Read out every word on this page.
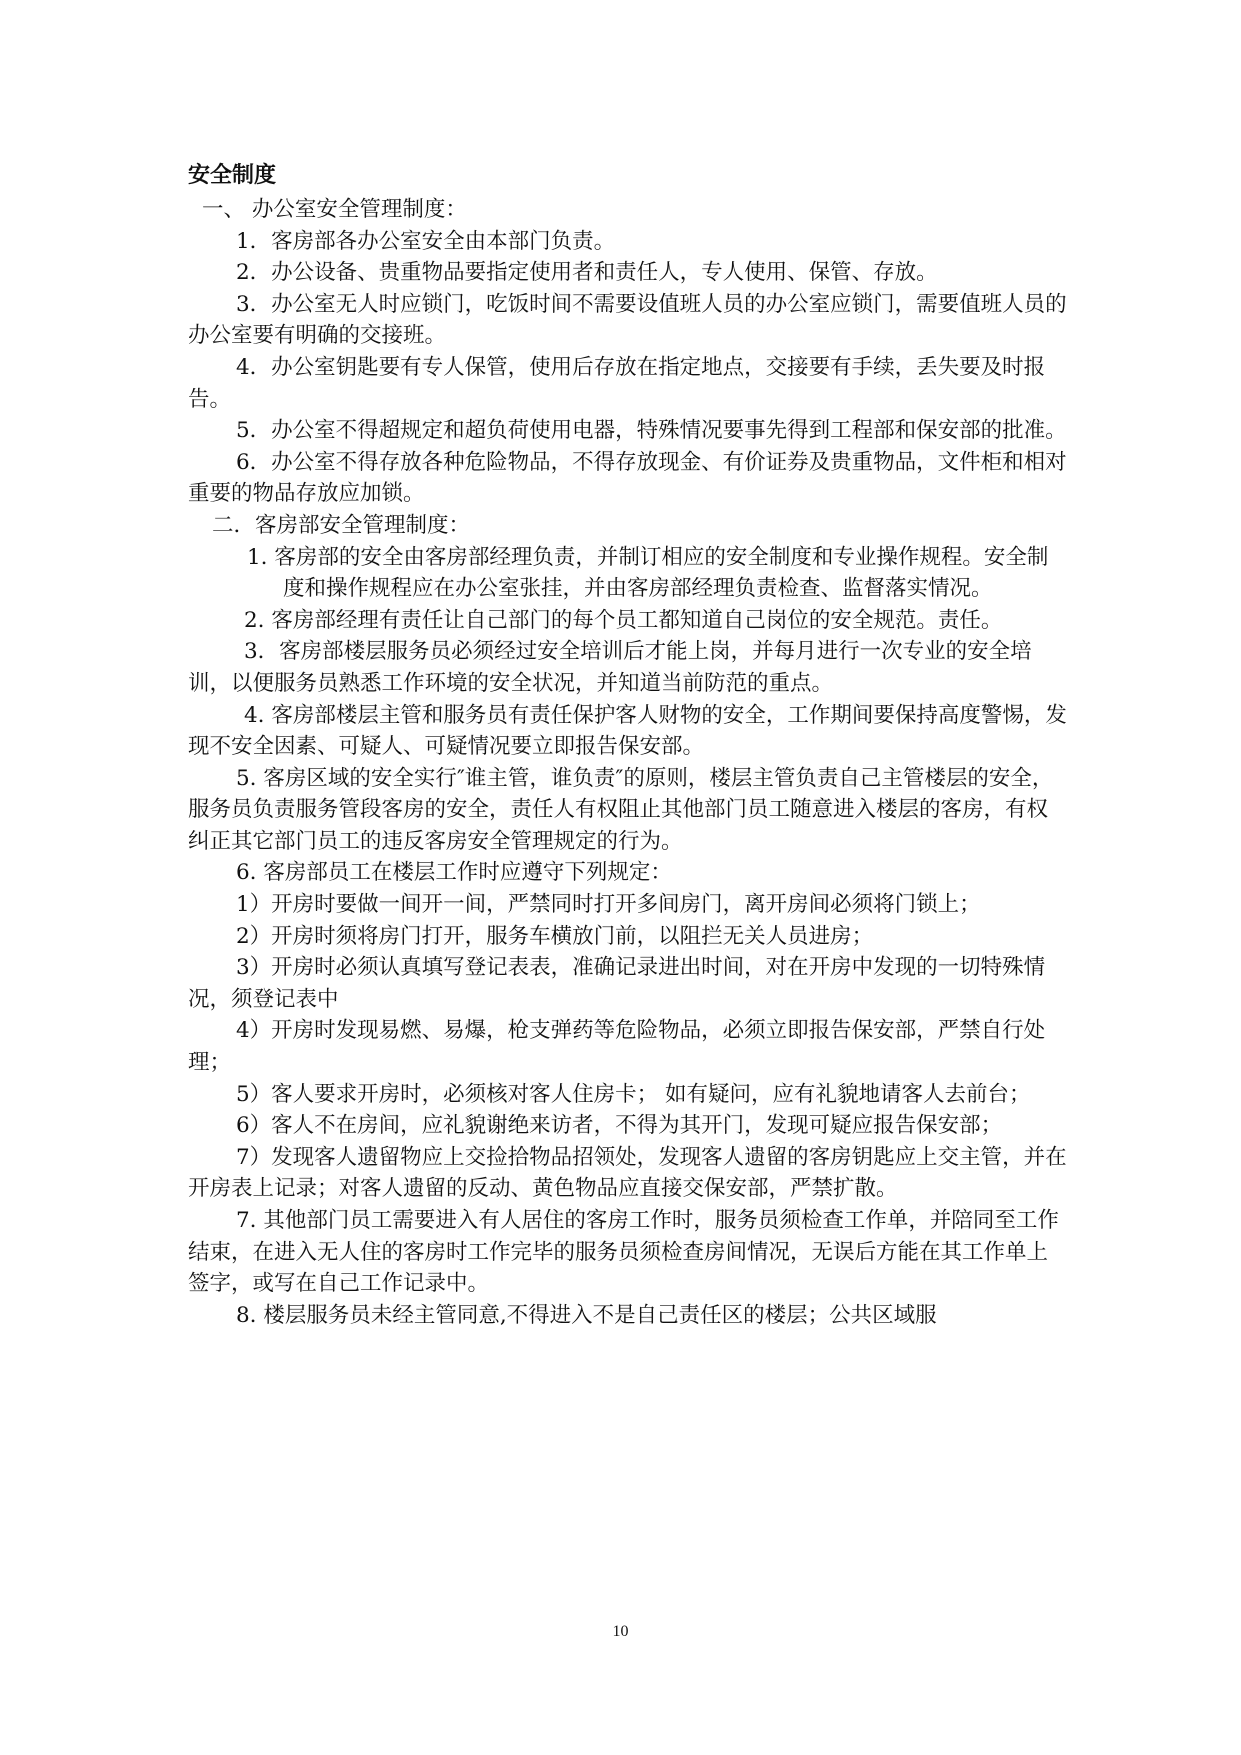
安全制度

一、 办公室安全管理制度：

1．客房部各办公室安全由本部门负责。

2．办公设备、贵重物品要指定使用者和责任人，专人使用、保管、存放。

3．办公室无人时应锁门，吃饭时间不需要设值班人员的办公室应锁门，需要值班人员的办公室要有明确的交接班。

4．办公室钥匙要有专人保管，使用后存放在指定地点，交接要有手续，丢失要及时报告。

5．办公室不得超规定和超负荷使用电器，特殊情况要事先得到工程部和保安部的批准。

6．办公室不得存放各种危险物品，不得存放现金、有价证券及贵重物品，文件柜和相对重要的物品存放应加锁。

二．客房部安全管理制度：

1. 客房部的安全由客房部经理负责，并制订相应的安全制度和专业操作规程。安全制度和操作规程应在办公室张挂，并由客房部经理负责检查、监督落实情况。

2. 客房部经理有责任让自己部门的每个员工都知道自己岗位的安全规范。责任。

3．客房部楼层服务员必须经过安全培训后才能上岗，并每月进行一次专业的安全培训，以便服务员熟悉工作环境的安全状况，并知道当前防范的重点。

4. 客房部楼层主管和服务员有责任保护客人财物的安全，工作期间要保持高度警惕，发现不安全因素、可疑人、可疑情况要立即报告保安部。

5. 客房区域的安全实行″谁主管，谁负责″的原则，楼层主管负责自己主管楼层的安全，服务员负责服务管段客房的安全，责任人有权阻止其他部门员工随意进入楼层的客房，有权纠正其它部门员工的违反客房安全管理规定的行为。

6. 客房部员工在楼层工作时应遵守下列规定：

1）开房时要做一间开一间，严禁同时打开多间房门，离开房间必须将门锁上；

2）开房时须将房门打开，服务车横放门前，以阻拦无关人员进房；

3）开房时必须认真填写登记表表，准确记录进出时间，对在开房中发现的一切特殊情况，须登记表中

4）开房时发现易燃、易爆，枪支弹药等危险物品，必须立即报告保安部，严禁自行处理；

5）客人要求开房时，必须核对客人住房卡； 如有疑问，应有礼貌地请客人去前台；

6）客人不在房间，应礼貌谢绝来访者，不得为其开门，发现可疑应报告保安部；

7）发现客人遗留物应上交捡拾物品招领处，发现客人遗留的客房钥匙应上交主管，并在开房表上记录；对客人遗留的反动、黄色物品应直接交保安部，严禁扩散。

7. 其他部门员工需要进入有人居住的客房工作时，服务员须检查工作单，并陪同至工作结束，在进入无人住的客房时工作完毕的服务员须检查房间情况，无误后方能在其工作单上签字，或写在自己工作记录中。

8. 楼层服务员未经主管同意,不得进入不是自己责任区的楼层；公共区域服

10
